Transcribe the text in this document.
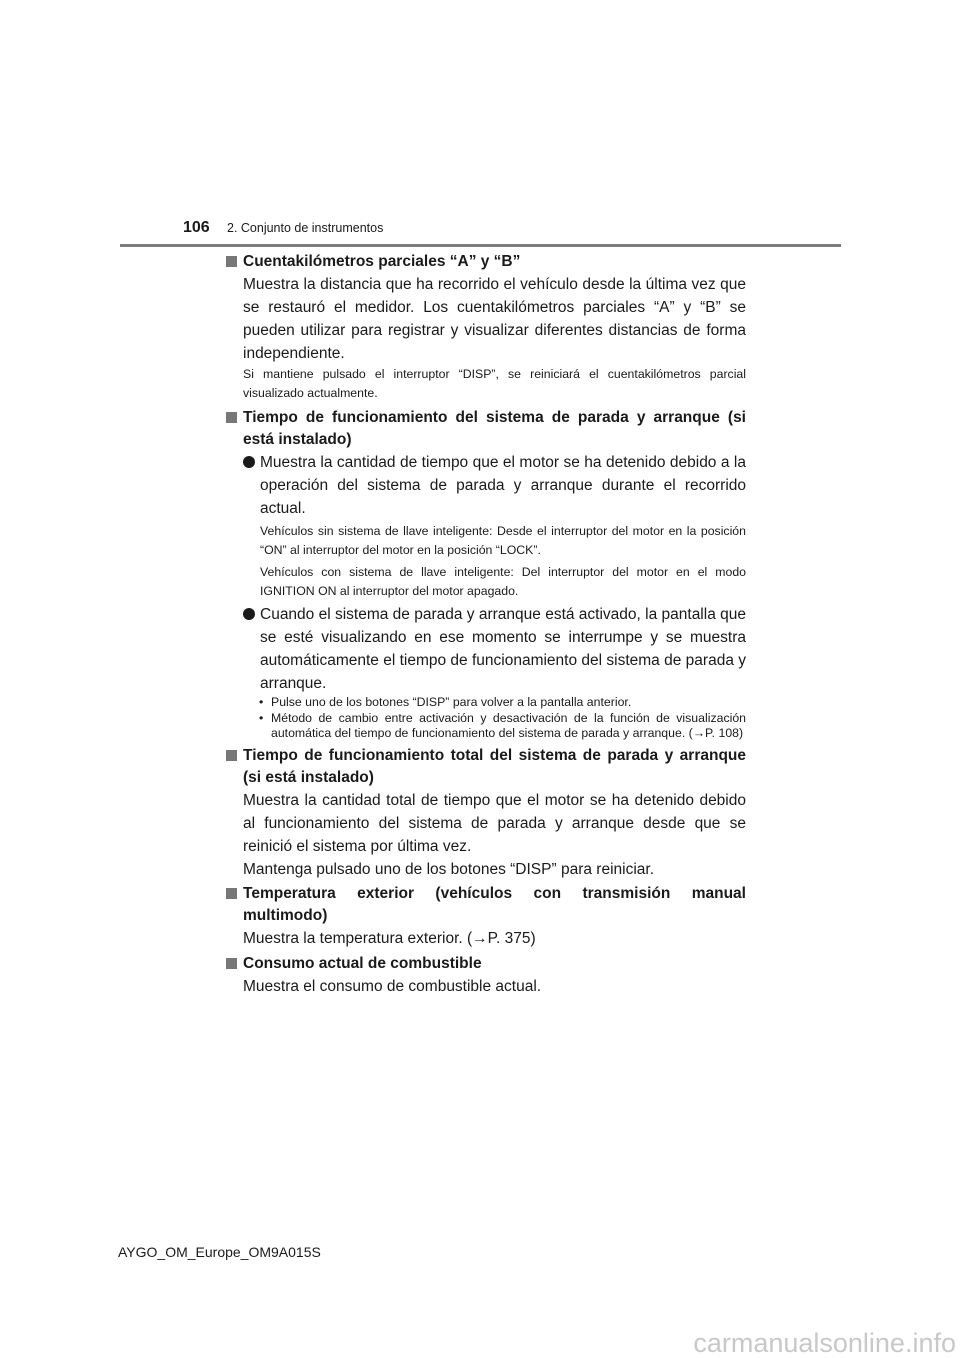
106 2. Conjunto de instrumentos
Cuentakilómetros parciales “A” y “B”
Muestra la distancia que ha recorrido el vehículo desde la última vez que se restauró el medidor. Los cuentakilómetros parciales “A” y “B” se pueden utilizar para registrar y visualizar diferentes distancias de forma independiente.
Si mantiene pulsado el interruptor “DISP”, se reiniciará el cuentakilómetros parcial visualizado actualmente.
Tiempo de funcionamiento del sistema de parada y arranque (si está instalado)
Muestra la cantidad de tiempo que el motor se ha detenido debido a la operación del sistema de parada y arranque durante el recorrido actual.
Vehículos sin sistema de llave inteligente: Desde el interruptor del motor en la posición “ON” al interruptor del motor en la posición “LOCK”.
Vehículos con sistema de llave inteligente: Del interruptor del motor en el modo IGNITION ON al interruptor del motor apagado.
Cuando el sistema de parada y arranque está activado, la pantalla que se esté visualizando en ese momento se interrumpe y se muestra automáticamente el tiempo de funcionamiento del sistema de parada y arranque.
• Pulse uno de los botones “DISP” para volver a la pantalla anterior.
• Método de cambio entre activación y desactivación de la función de visualización automática del tiempo de funcionamiento del sistema de parada y arranque. (→P. 108)
Tiempo de funcionamiento total del sistema de parada y arranque (si está instalado)
Muestra la cantidad total de tiempo que el motor se ha detenido debido al funcionamiento del sistema de parada y arranque desde que se reinició el sistema por última vez.
Mantenga pulsado uno de los botones “DISP” para reiniciar.
Temperatura exterior (vehículos con transmisión manual multimodo)
Muestra la temperatura exterior. (→P. 375)
Consumo actual de combustible
Muestra el consumo de combustible actual.
AYGO_OM_Europe_OM9A015S
carmanualsonline.info
